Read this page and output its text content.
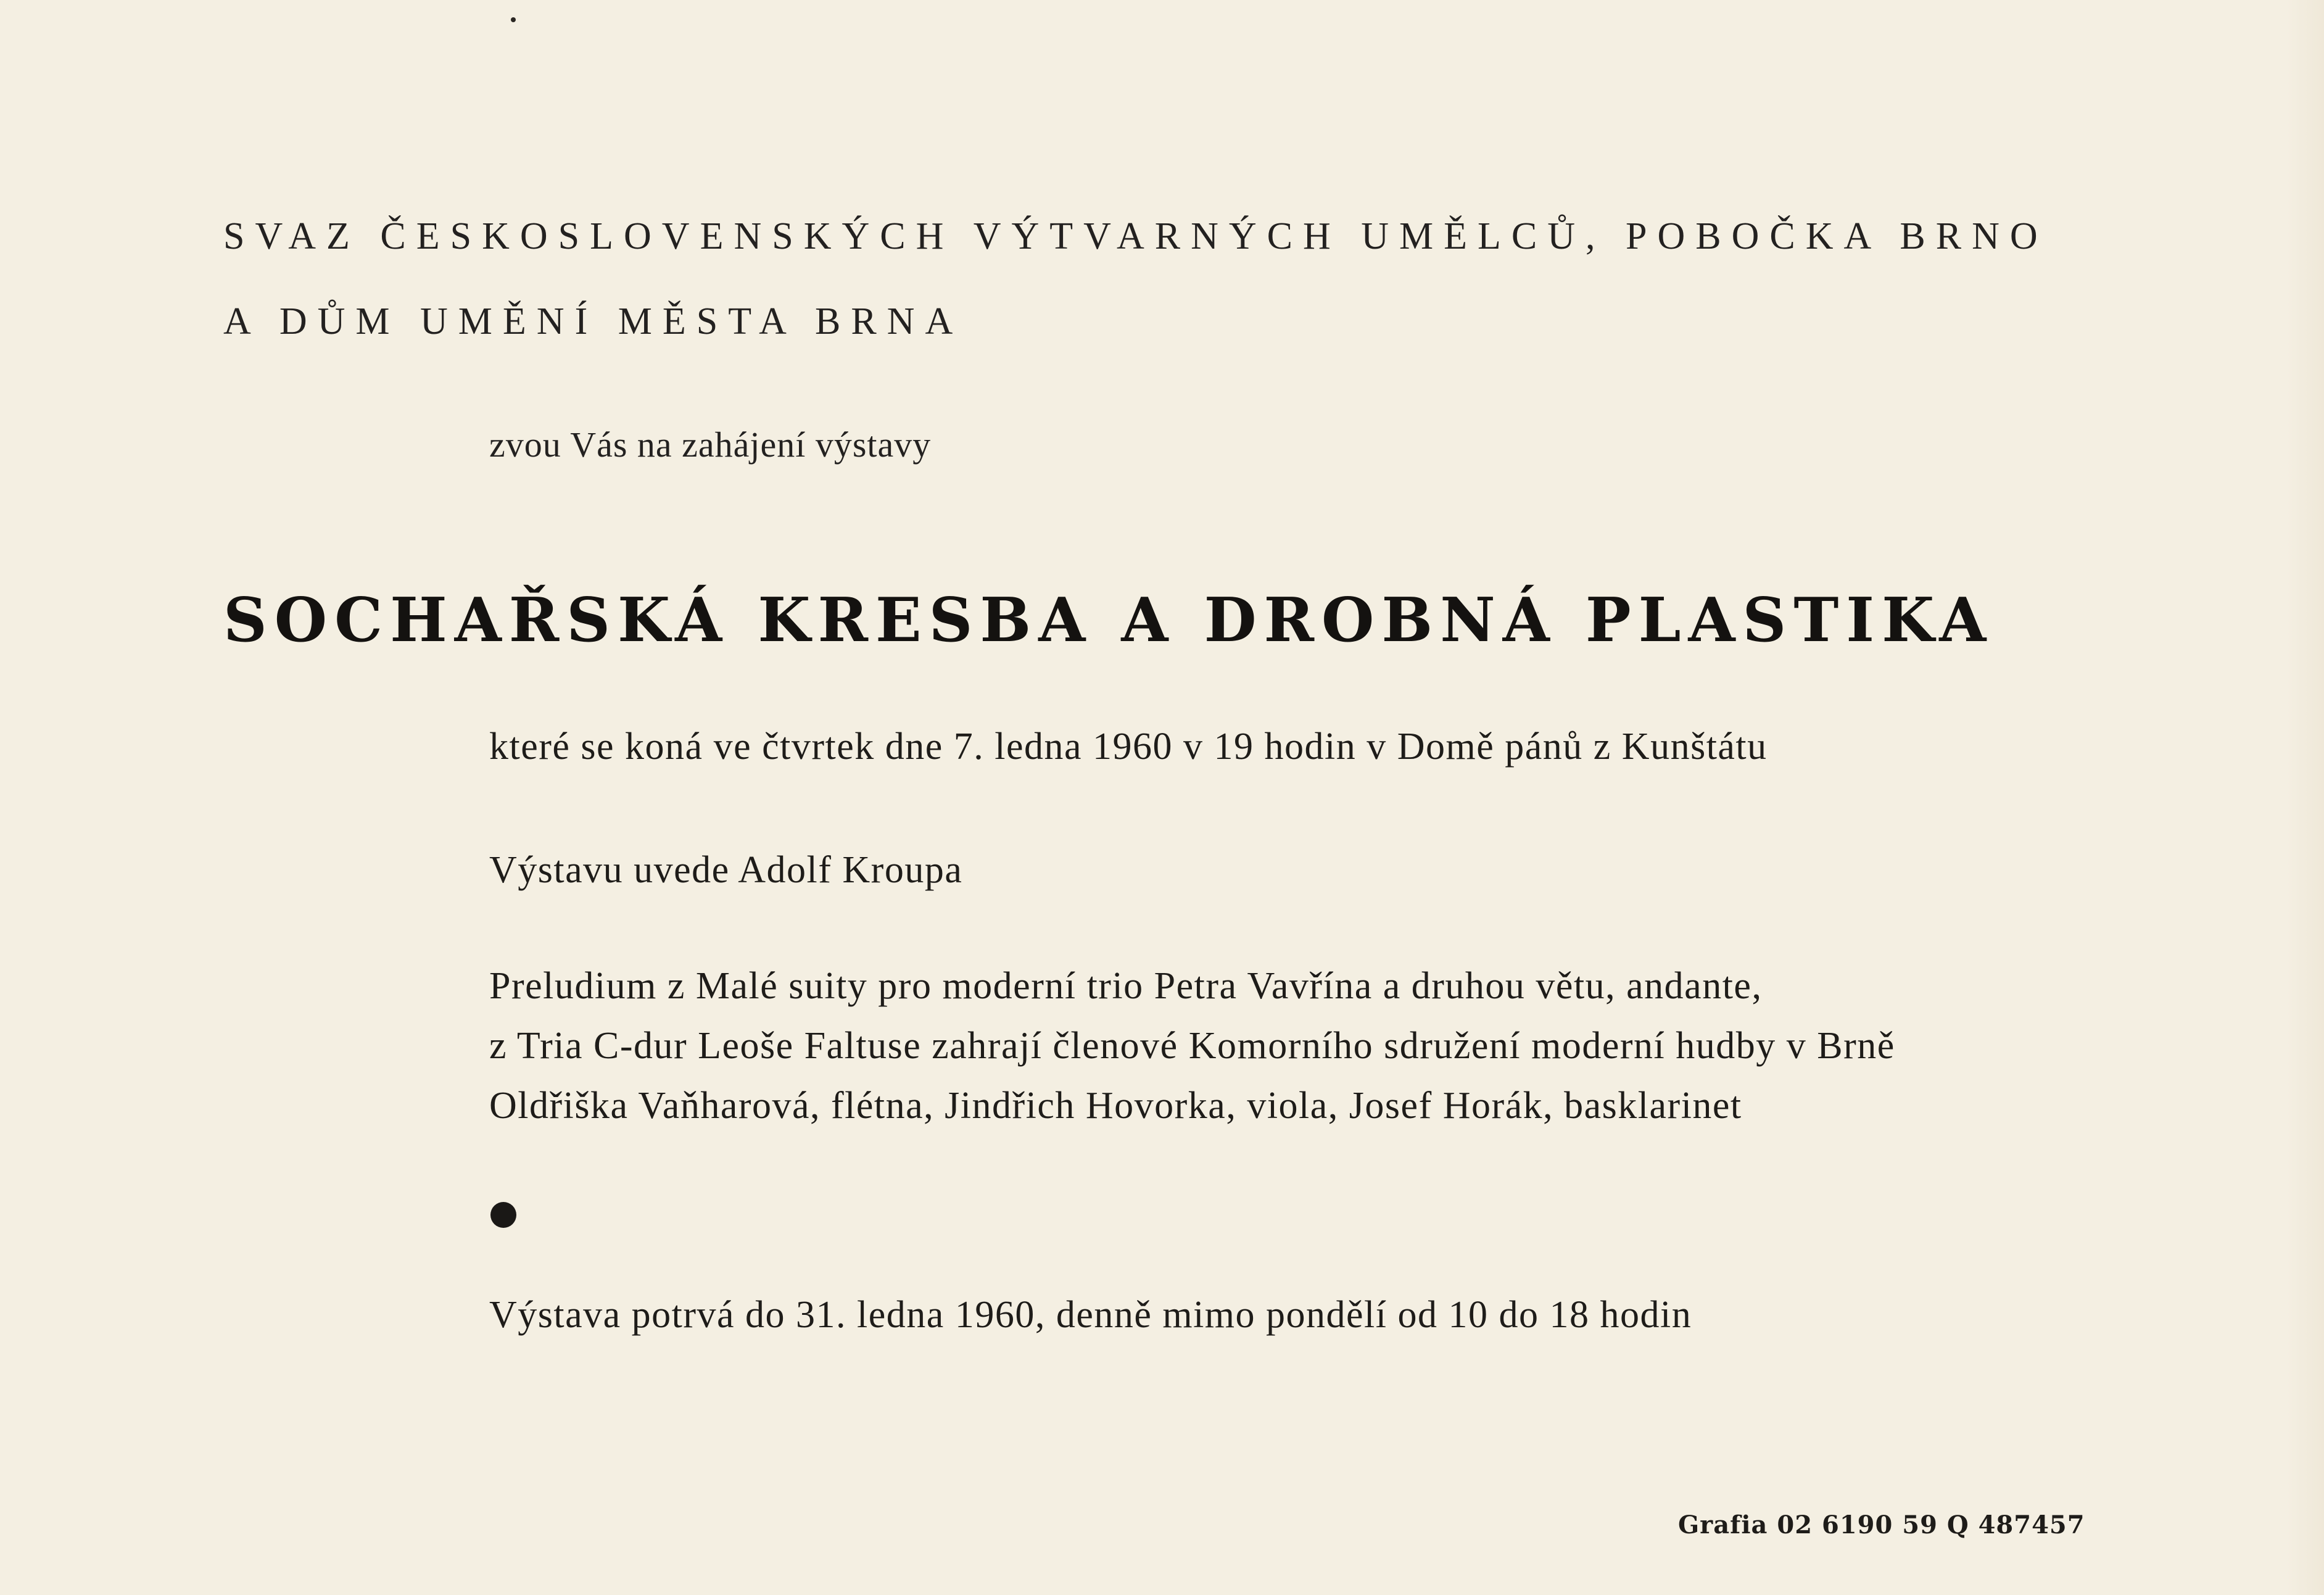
SVAZ ČESKOSLOVENSKÝCH VÝTVARNÝCH UMĚLCŮ, POBOČKA BRNO

A DŮM UMĚNÍ MĚSTA BRNA

zvou Vás na zahájení výstavy

SOCHAŘSKÁ KRESBA A DROBNÁ PLASTIKA

které se koná ve čtvrtek dne 7. ledna 1960 v 19 hodin v Domě pánů z Kunštátu

Výstavu uvede Adolf Kroupa

Preludium z Malé suity pro moderní trio Petra Vavřína a druhou větu, andante,

z Tria C-dur Leoše Faltuse zahrají členové Komorního sdružení moderní hudby v Brně

Oldřiška Vaňharová, flétna, Jindřich Hovorka, viola, Josef Horák, basklarinet

Výstava potrvá do 31. ledna 1960, denně mimo pondělí od 10 do 18 hodin

Grafia 02 6190 59 Q 487457
